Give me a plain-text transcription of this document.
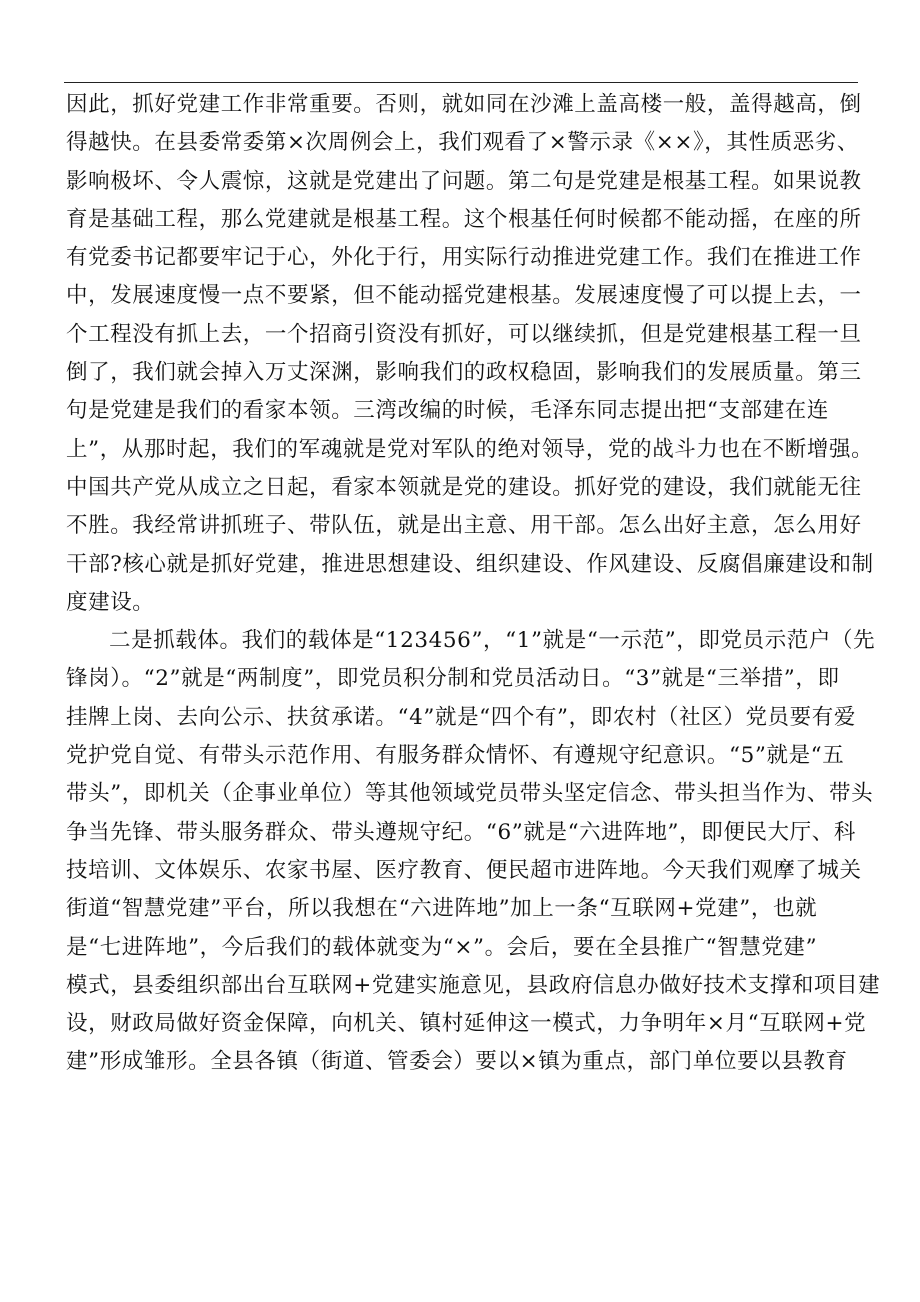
因此，抓好党建工作非常重要。否则，就如同在沙滩上盖高楼一般，盖得越高，倒
得越快。在县委常委第×次周例会上，我们观看了×警示录《××》，其性质恶劣、
影响极坏、令人震惊，这就是党建出了问题。第二句是党建是根基工程。如果说教
育是基础工程，那么党建就是根基工程。这个根基任何时候都不能动摇，在座的所
有党委书记都要牢记于心，外化于行，用实际行动推进党建工作。我们在推进工作
中，发展速度慢一点不要紧，但不能动摇党建根基。发展速度慢了可以提上去，一
个工程没有抓上去，一个招商引资没有抓好，可以继续抓，但是党建根基工程一旦
倒了，我们就会掉入万丈深渊，影响我们的政权稳固，影响我们的发展质量。第三
句是党建是我们的看家本领。三湾改编的时候，毛泽东同志提出把“支部建在连
上”，从那时起，我们的军魂就是党对军队的绝对领导，党的战斗力也在不断增强。
中国共产党从成立之日起，看家本领就是党的建设。抓好党的建设，我们就能无往
不胜。我经常讲抓班子、带队伍，就是出主意、用干部。怎么出好主意，怎么用好
干部?核心就是抓好党建，推进思想建设、组织建设、作风建设、反腐倡廉建设和制
度建设。
二是抓载体。我们的载体是“123456”，“1”就是“一示范”，即党员示范户（先
锋岗）。“2”就是“两制度”，即党员积分制和党员活动日。“3”就是“三举措”，即
挂牌上岗、去向公示、扶贫承诺。“4”就是“四个有”，即农村（社区）党员要有爱
党护党自觉、有带头示范作用、有服务群众情怀、有遵规守纪意识。“5”就是“五
带头”，即机关（企事业单位）等其他领域党员带头坚定信念、带头担当作为、带头
争当先锋、带头服务群众、带头遵规守纪。“6”就是“六进阵地”，即便民大厅、科
技培训、文体娱乐、农家书屋、医疗教育、便民超市进阵地。今天我们观摩了城关
街道“智慧党建”平台，所以我想在“六进阵地”加上一条“互联网+党建”，也就
是“七进阵地”，今后我们的载体就变为“×”。会后，要在全县推广“智慧党建”
模式，县委组织部出台互联网+党建实施意见，县政府信息办做好技术支撑和项目建
设，财政局做好资金保障，向机关、镇村延伸这一模式，力争明年×月“互联网+党
建”形成雏形。全县各镇（街道、管委会）要以×镇为重点，部门单位要以县教育
